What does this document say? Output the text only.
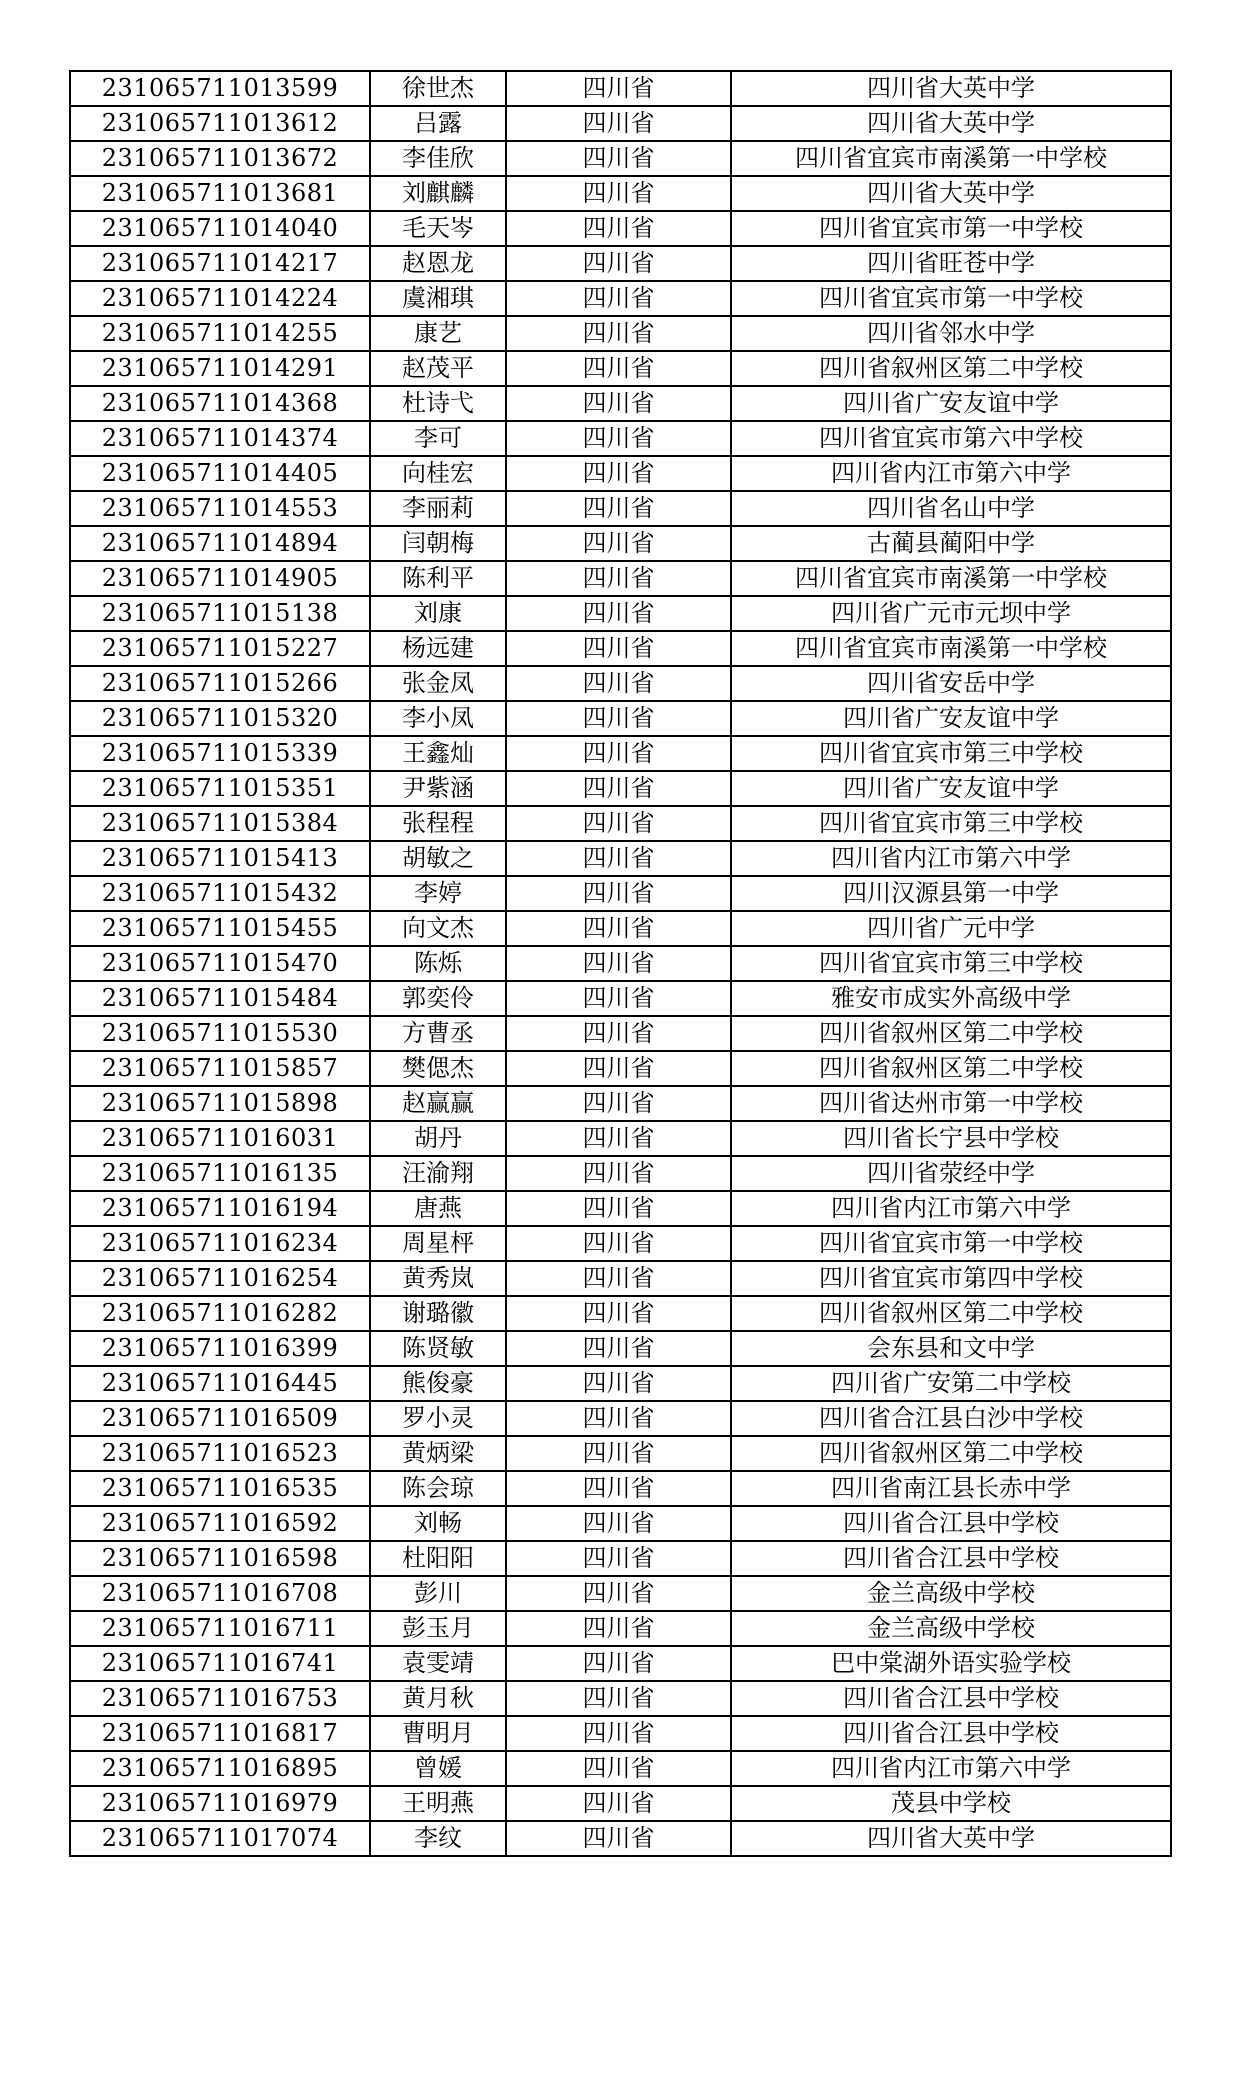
231065711013599	徐世杰	四川省	四川省大英中学
231065711013612	吕露	四川省	四川省大英中学
231065711013672	李佳欣	四川省	四川省宜宾市南溪第一中学校
231065711013681	刘麒麟	四川省	四川省大英中学
231065711014040	毛天岑	四川省	四川省宜宾市第一中学校
231065711014217	赵恩龙	四川省	四川省旺苍中学
231065711014224	虞湘琪	四川省	四川省宜宾市第一中学校
231065711014255	康艺	四川省	四川省邻水中学
231065711014291	赵茂平	四川省	四川省叙州区第二中学校
231065711014368	杜诗弋	四川省	四川省广安友谊中学
231065711014374	李可	四川省	四川省宜宾市第六中学校
231065711014405	向桂宏	四川省	四川省内江市第六中学
231065711014553	李丽莉	四川省	四川省名山中学
231065711014894	闫朝梅	四川省	古蔺县蔺阳中学
231065711014905	陈利平	四川省	四川省宜宾市南溪第一中学校
231065711015138	刘康	四川省	四川省广元市元坝中学
231065711015227	杨远建	四川省	四川省宜宾市南溪第一中学校
231065711015266	张金凤	四川省	四川省安岳中学
231065711015320	李小凤	四川省	四川省广安友谊中学
231065711015339	王鑫灿	四川省	四川省宜宾市第三中学校
231065711015351	尹紫涵	四川省	四川省广安友谊中学
231065711015384	张程程	四川省	四川省宜宾市第三中学校
231065711015413	胡敏之	四川省	四川省内江市第六中学
231065711015432	李婷	四川省	四川汉源县第一中学
231065711015455	向文杰	四川省	四川省广元中学
231065711015470	陈烁	四川省	四川省宜宾市第三中学校
231065711015484	郭奕伶	四川省	雅安市成实外高级中学
231065711015530	方曹丞	四川省	四川省叙州区第二中学校
231065711015857	樊偲杰	四川省	四川省叙州区第二中学校
231065711015898	赵赢赢	四川省	四川省达州市第一中学校
231065711016031	胡丹	四川省	四川省长宁县中学校
231065711016135	汪渝翔	四川省	四川省荥经中学
231065711016194	唐燕	四川省	四川省内江市第六中学
231065711016234	周星枰	四川省	四川省宜宾市第一中学校
231065711016254	黄秀岚	四川省	四川省宜宾市第四中学校
231065711016282	谢璐徽	四川省	四川省叙州区第二中学校
231065711016399	陈贤敏	四川省	会东县和文中学
231065711016445	熊俊豪	四川省	四川省广安第二中学校
231065711016509	罗小灵	四川省	四川省合江县白沙中学校
231065711016523	黄炳梁	四川省	四川省叙州区第二中学校
231065711016535	陈会琼	四川省	四川省南江县长赤中学
231065711016592	刘畅	四川省	四川省合江县中学校
231065711016598	杜阳阳	四川省	四川省合江县中学校
231065711016708	彭川	四川省	金兰高级中学校
231065711016711	彭玉月	四川省	金兰高级中学校
231065711016741	袁雯靖	四川省	巴中棠湖外语实验学校
231065711016753	黄月秋	四川省	四川省合江县中学校
231065711016817	曹明月	四川省	四川省合江县中学校
231065711016895	曾媛	四川省	四川省内江市第六中学
231065711016979	王明燕	四川省	茂县中学校
231065711017074	李纹	四川省	四川省大英中学
